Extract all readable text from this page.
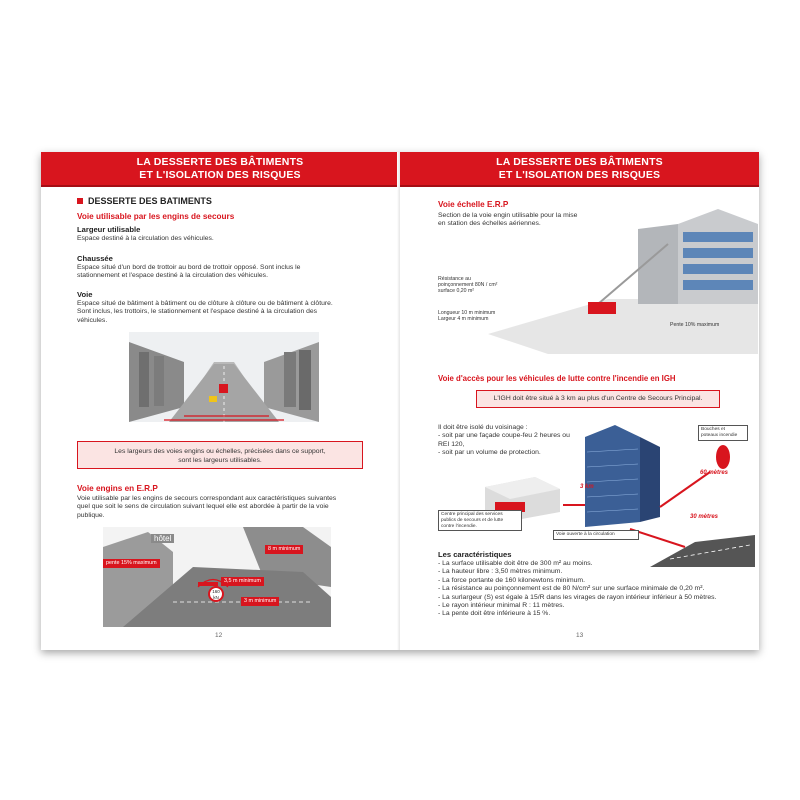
LA DESSERTE DES BÂTIMENTS
ET L'ISOLATION DES RISQUES
DESSERTE DES BATIMENTS
Voie utilisable par les engins de secours
Largeur utilisable
Espace destiné à la circulation des véhicules.
Chaussée
Espace situé d'un bord de trottoir au bord de trottoir opposé. Sont inclus le
stationnement et l'espace destiné à la circulation des véhicules.
Voie
Espace situé de bâtiment à bâtiment ou de clôture à clôture ou de bâtiment à clôture.
Sont inclus, les trottoirs, le stationnement et l'espace destiné à la circulation des
véhicules.
Les largeurs des voies engins ou échelles, précisées dans ce support,
sont les largeurs utilisables.
Voie engins en E.R.P
Voie utilisable par les engins de secours correspondant aux caractéristiques suivantes
quel que soit le sens de circulation suivant lequel elle est abordée à partir de la voie
publique.
hôtel
pente 15% maximum
8 m minimum
3,5 m minimum
3 m minimum
160 kN
12
LA DESSERTE DES BÂTIMENTS
ET L'ISOLATION DES RISQUES
Voie échelle E.R.P
Section de la voie engin utilisable pour la mise
en station des échelles aériennes.
Résistance au
poinçonnement 80N / cm²
surface 0,20 m²
Longueur 10 m minimum
Largeur 4 m minimum
Pente 10% maximum
Voie d'accès pour les véhicules de lutte contre l'incendie en IGH
L'IGH doit être situé à 3 km au plus d'un Centre de Secours Principal.
Il doit être isolé du voisinage :
- soit par une façade coupe-feu 2 heures ou
REI 120,
- soit par un volume de protection.
Bouches et
poteaux incendie
3 km
60 mètres
30 mètres
Centre principal des services
publics de secours et de lutte
contre l'incendie.
Voie ouverte à la circulation
Les caractéristiques
- La surface utilisable doit être de 300 m² au moins.
- La hauteur libre : 3,50 mètres minimum.
- La force portante de 160 kilonewtons minimum.
- La résistance au poinçonnement est de 80 N/cm² sur une surface minimale de 0,20 m².
- La surlargeur (S) est égale à 15/R dans les virages de rayon intérieur inférieur à 50 mètres.
- Le rayon intérieur minimal R : 11 mètres.
- La pente doit être inférieure à 15 %.
13
